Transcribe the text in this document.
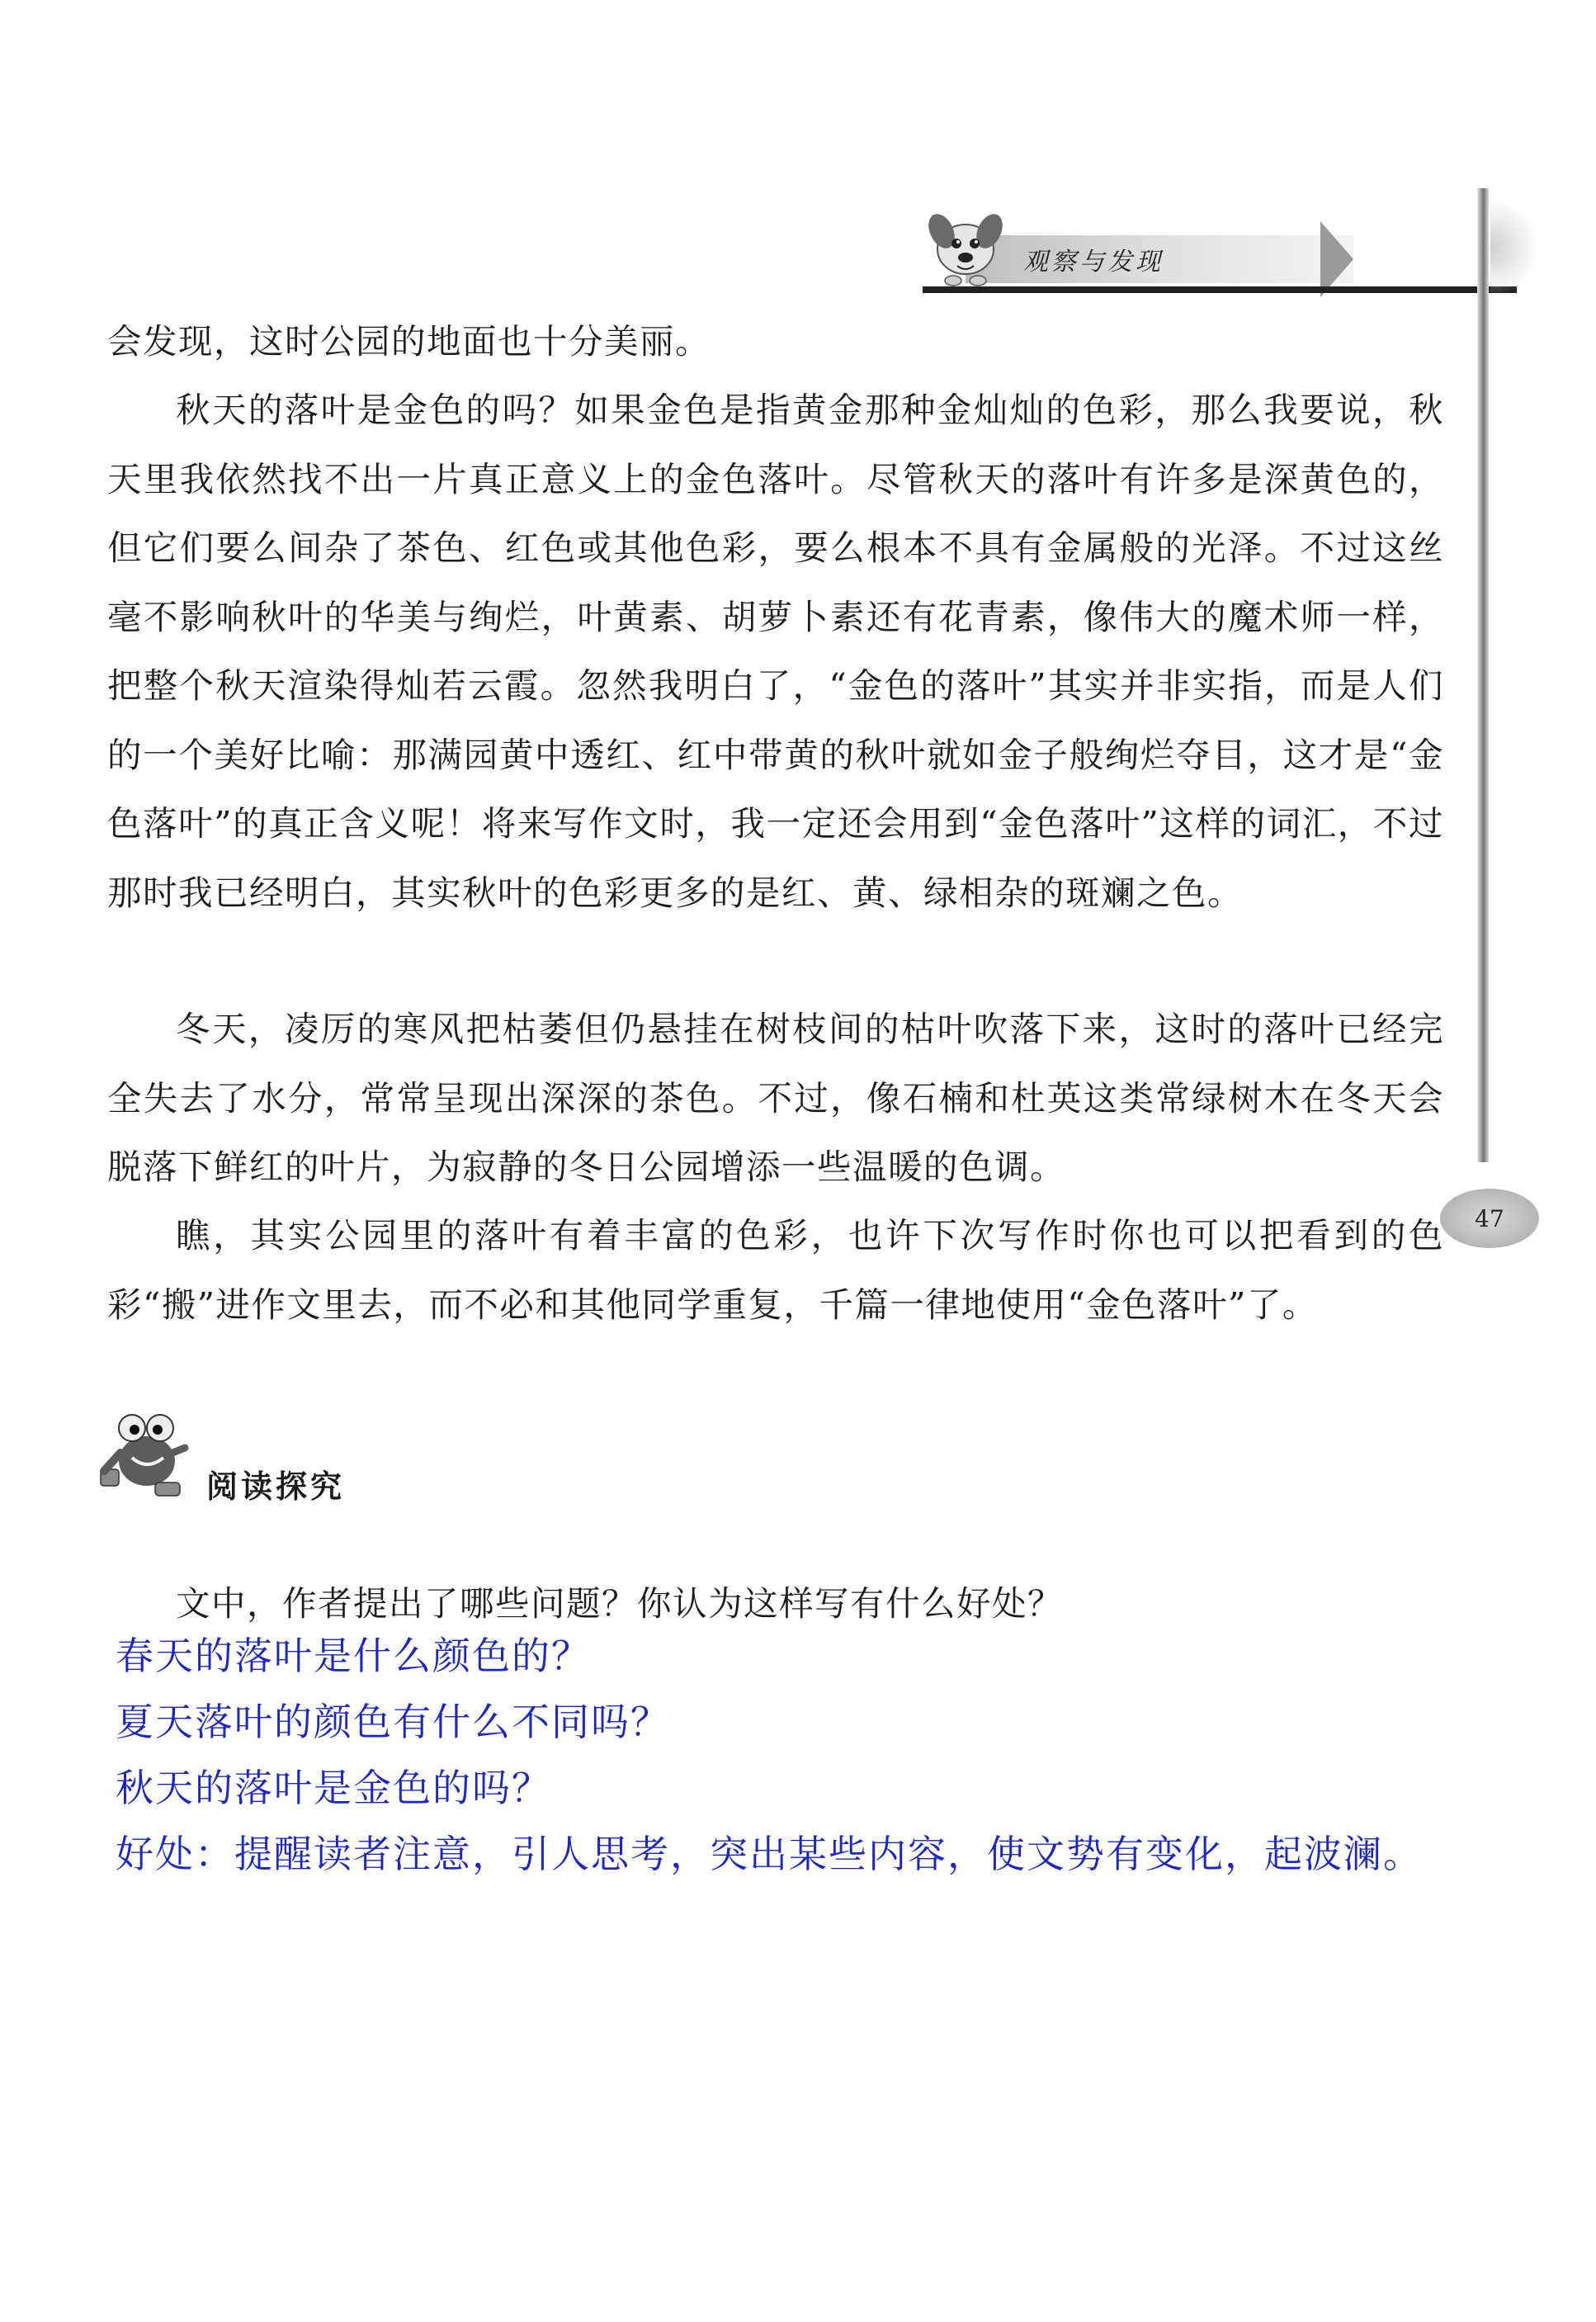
观察与发现
47

会发现，这时公园的地面也十分美丽。

秋天的落叶是金色的吗？如果金色是指黄金那种金灿灿的色彩，那么我要说，秋天里我依然找不出一片真正意义上的金色落叶。尽管秋天的落叶有许多是深黄色的，但它们要么间杂了茶色、红色或其他色彩，要么根本不具有金属般的光泽。不过这丝毫不影响秋叶的华美与绚烂，叶黄素、胡萝卜素还有花青素，像伟大的魔术师一样，把整个秋天渲染得灿若云霞。忽然我明白了，“金色的落叶”其实并非实指，而是人们的一个美好比喻：那满园黄中透红、红中带黄的秋叶就如金子般绚烂夺目，这才是“金色落叶”的真正含义呢！将来写作文时，我一定还会用到“金色落叶”这样的词汇，不过那时我已经明白，其实秋叶的色彩更多的是红、黄、绿相杂的斑斓之色。

冬天，凌厉的寒风把枯萎但仍悬挂在树枝间的枯叶吹落下来，这时的落叶已经完全失去了水分，常常呈现出深深的茶色。不过，像石楠和杜英这类常绿树木在冬天会脱落下鲜红的叶片，为寂静的冬日公园增添一些温暖的色调。

瞧，其实公园里的落叶有着丰富的色彩，也许下次写作时你也可以把看到的色彩“搬”进作文里去，而不必和其他同学重复，千篇一律地使用“金色落叶”了。

阅读探究

文中，作者提出了哪些问题？你认为这样写有什么好处？

春天的落叶是什么颜色的？

夏天落叶的颜色有什么不同吗？

秋天的落叶是金色的吗？

好处：提醒读者注意，引人思考，突出某些内容，使文势有变化，起波澜。
